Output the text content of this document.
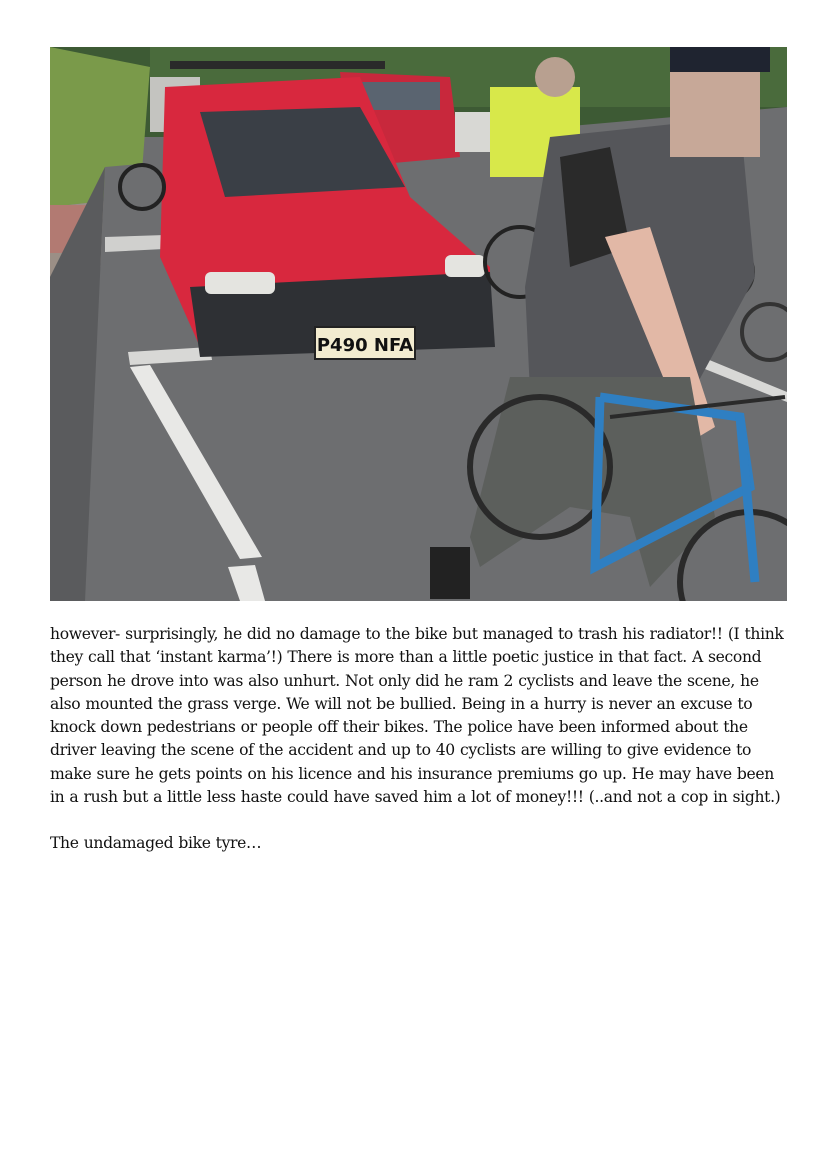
P490 NFA

however- surprisingly, he did no damage to the bike but managed to trash his radiator!! (I think they call that ‘instant karma’!) There is more than a little poetic justice in that fact. A second person he drove into was also unhurt. Not only did he ram 2 cyclists and leave the scene, he also mounted the grass verge. We will not be bullied. Being in a hurry is never an excuse to knock down pedestrians or people off their bikes. The police have been informed about the driver leaving the scene of the accident and up to 40 cyclists are willing to give evidence to make sure he gets points on his licence and his insurance premiums go up. He may have been in a rush but a little less haste could have saved him a lot of money!!! (..and not a cop in sight.)

The undamaged bike tyre…
